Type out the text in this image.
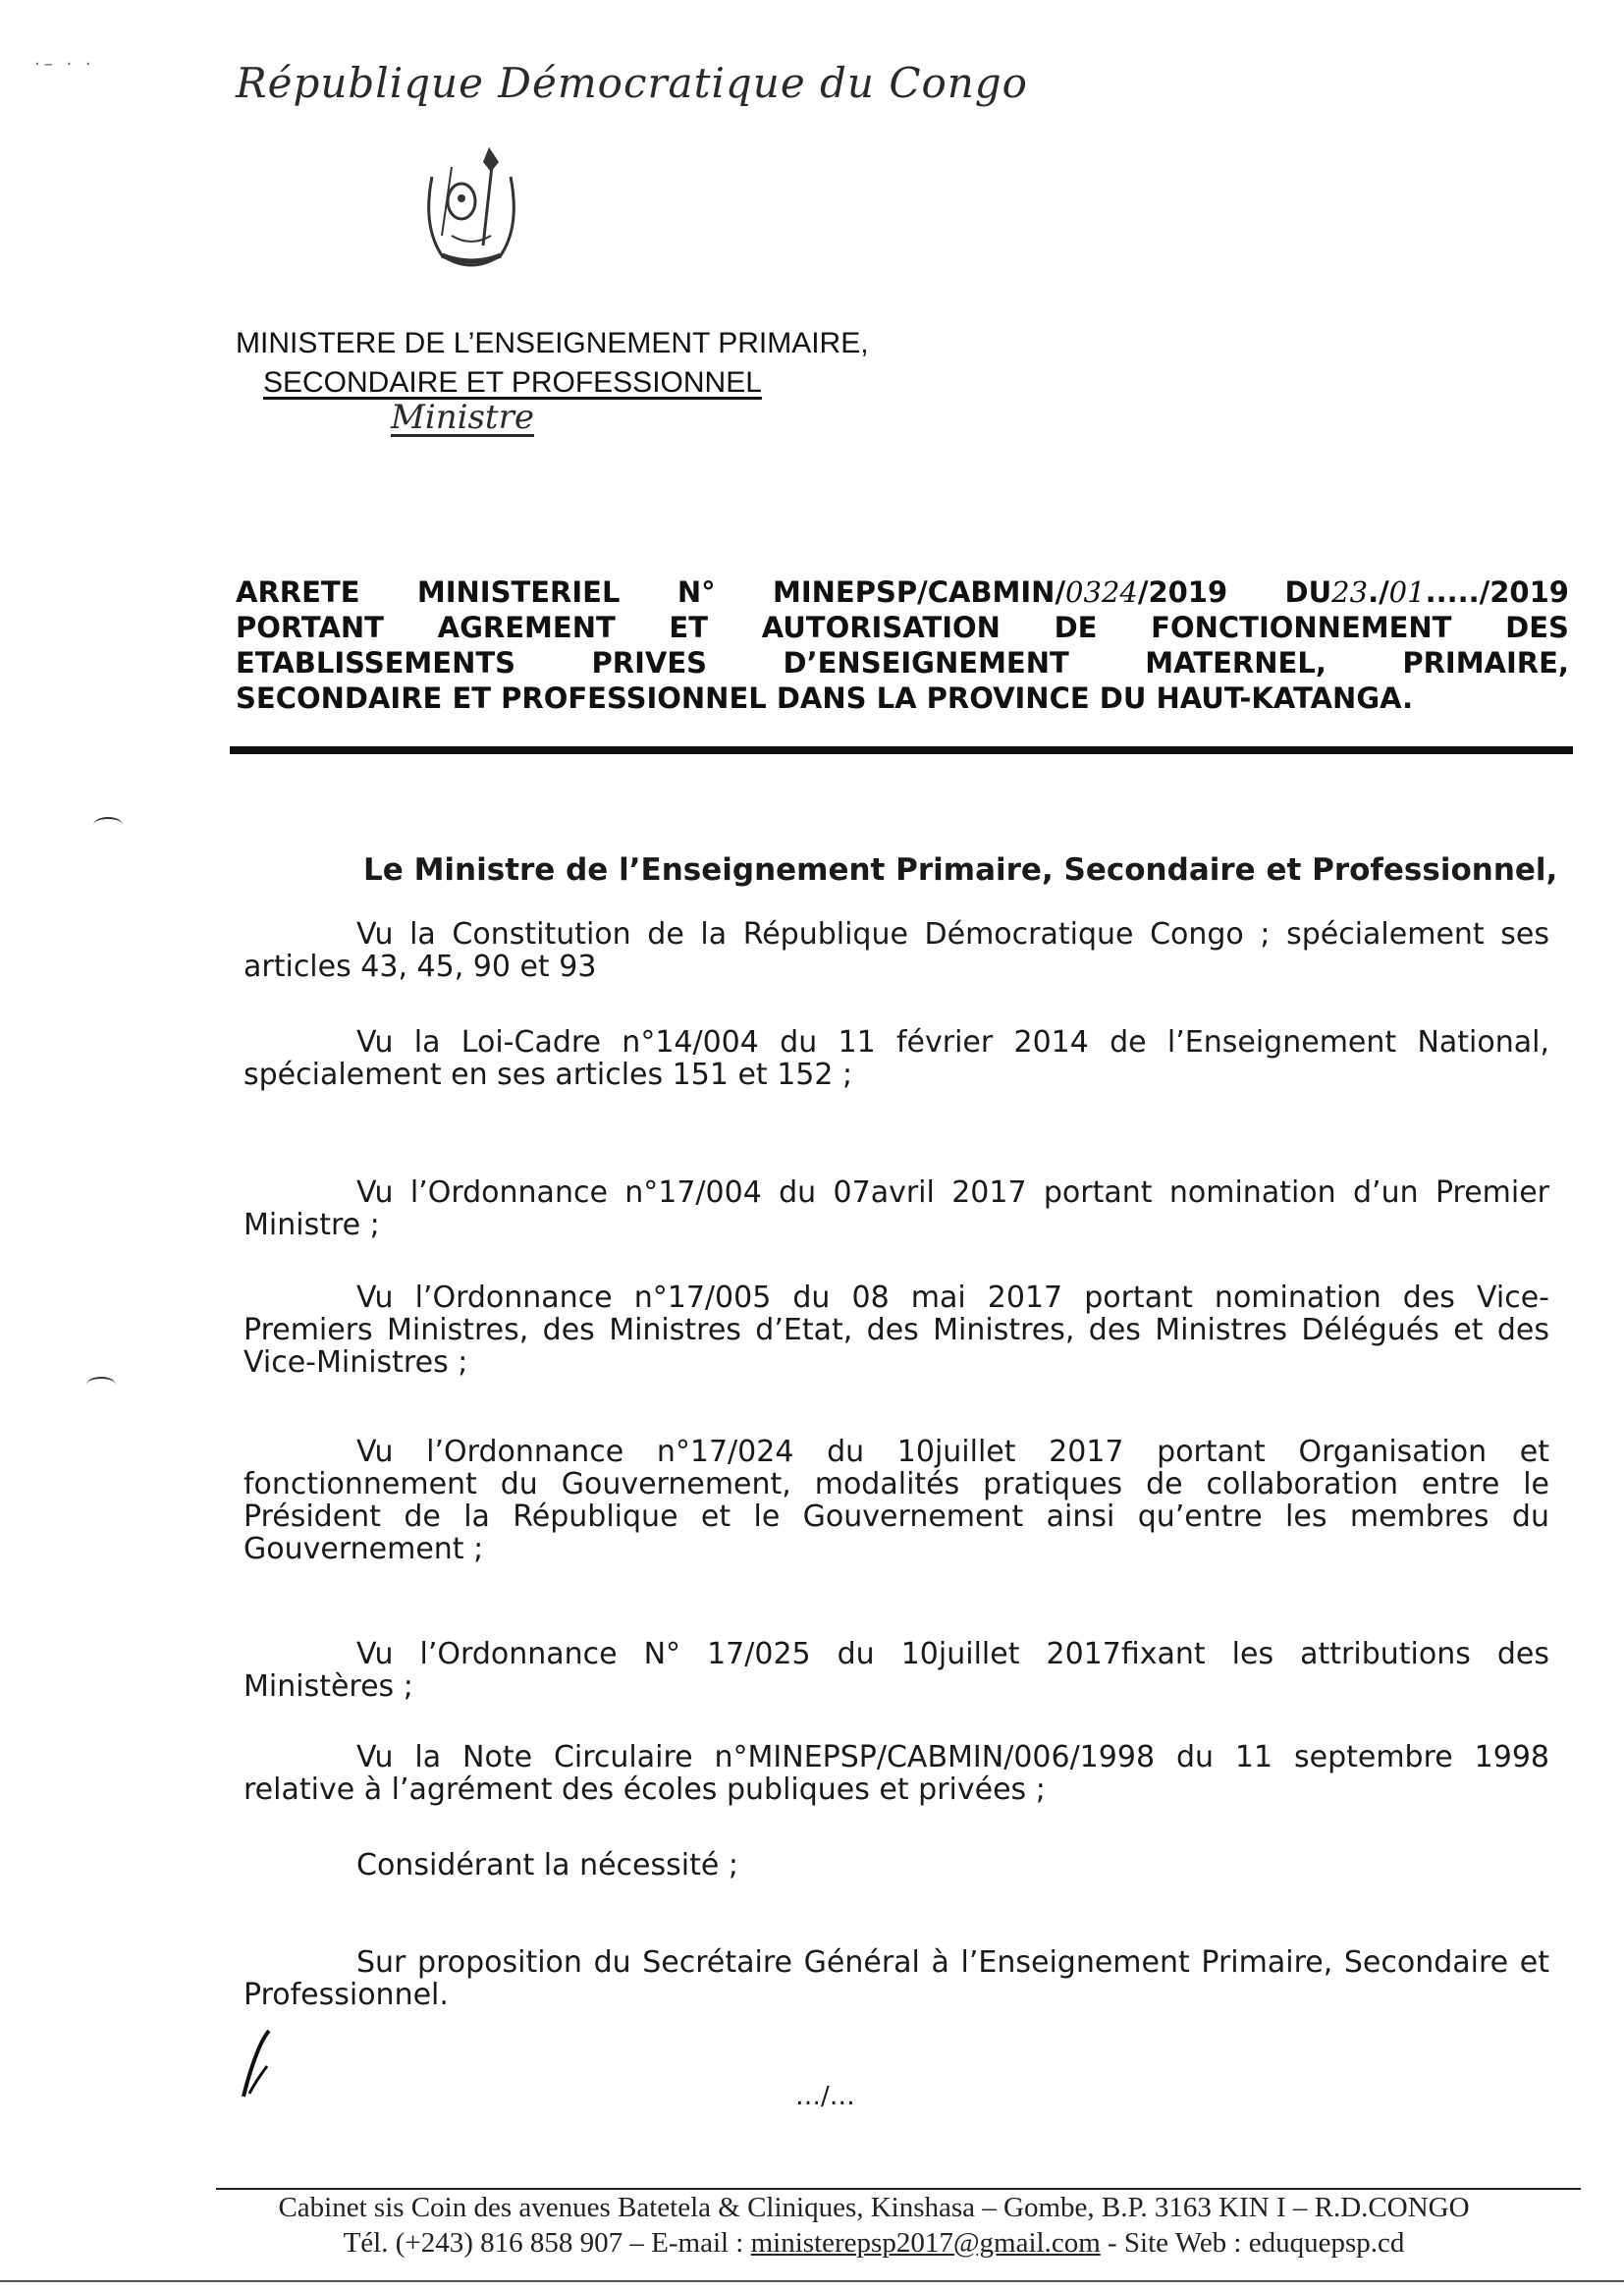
·– · ·	République Démocratique du Congo
MINISTERE DE L’ENSEIGNEMENT PRIMAIRE,
SECONDAIRE ET PROFESSIONNEL
Ministre
ARRETE MINISTERIEL N° MINEPSP/CABMIN/0324/2019 DU23./01...../2019
PORTANT AGREMENT ET AUTORISATION DE FONCTIONNEMENT DES
ETABLISSEMENTS	PRIVES	D’ENSEIGNEMENT	MATERNEL,	PRIMAIRE,
SECONDAIRE ET PROFESSIONNEL DANS LA PROVINCE DU HAUT-KATANGA.
Le Ministre de l’Enseignement Primaire, Secondaire et Professionnel,
Vu la Constitution de la République Démocratique Congo ; spécialement ses articles 43, 45, 90 et 93
Vu la Loi-Cadre n°14/004 du 11 février 2014 de l’Enseignement National, spécialement en ses articles 151 et 152 ;
Vu l’Ordonnance n°17/004 du 07avril 2017 portant nomination d’un Premier Ministre ;
Vu l’Ordonnance n°17/005 du 08 mai 2017 portant nomination des Vice-Premiers Ministres, des Ministres d’Etat, des Ministres, des Ministres Délégués et des Vice-Ministres ;
Vu l’Ordonnance n°17/024 du 10juillet 2017 portant Organisation et fonctionnement du Gouvernement, modalités pratiques de collaboration entre le Président de la République et le Gouvernement ainsi qu’entre les membres du Gouvernement ;
Vu l’Ordonnance N° 17/025 du 10juillet 2017fixant les attributions des Ministères ;
Vu la Note Circulaire n°MINEPSP/CABMIN/006/1998 du 11 septembre 1998 relative à l’agrément des écoles publiques et privées ;
Considérant la nécessité ;
Sur proposition du Secrétaire Général à l’Enseignement Primaire, Secondaire et Professionnel.
…/…
Cabinet sis Coin des avenues Batetela & Cliniques, Kinshasa – Gombe, B.P. 3163 KIN I – R.D.CONGO
Tél. (+243) 816 858 907 – E-mail : ministerepsp2017@gmail.com - Site Web : eduquepsp.cd
